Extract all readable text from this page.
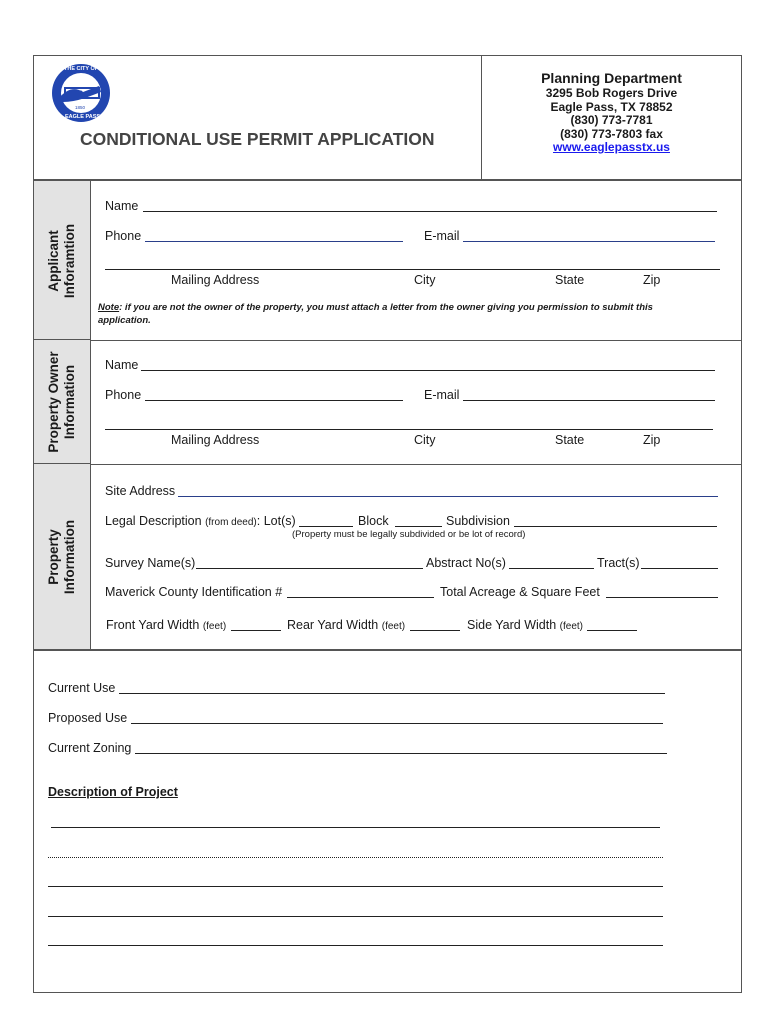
EP
THE CITY OF
1850
EAGLE PASS
CONDITIONAL USE PERMIT APPLICATION
Planning Department
3295 Bob Rogers Drive
Eagle Pass, TX 78852
(830) 773-7781
(830) 773-7803 fax
www.eaglepasstx.us
Applicant Inforamtion
Property Owner Information
Property Information
Name
Phone	E-mail
Mailing Address	City	State	Zip
Note: if you are not the owner of the property, you must attach a letter from the owner giving you permission to submit this
application.
Name
Phone	E-mail
Mailing Address	City	State	Zip
Site Address
Legal Description (from deed): Lot(s)	Block	Subdivision
(Property must be legally subdivided or be lot of record)
Survey Name(s)	Abstract No(s)	Tract(s)
Maverick County Identification #	Total Acreage & Square Feet
Front Yard Width (feet)	Rear Yard Width (feet)	Side Yard Width (feet)
Current Use
Proposed Use
Current Zoning
Description of Project
